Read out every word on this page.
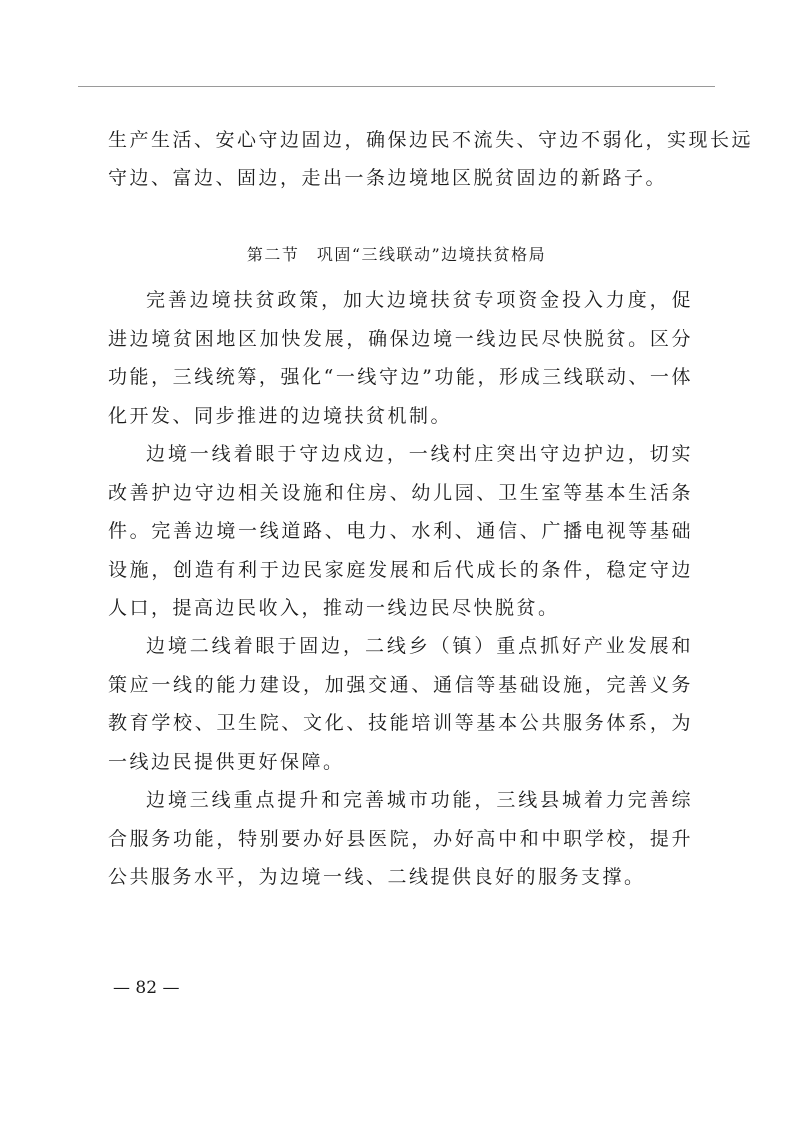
生产生活、安心守边固边，确保边民不流失、守边不弱化，实现长远
守边、富边、固边，走出一条边境地区脱贫固边的新路子。
第二节　巩固“三线联动”边境扶贫格局
完善边境扶贫政策，加大边境扶贫专项资金投入力度，促进边境贫困地区加快发展，确保边境一线边民尽快脱贫。区分功能，三线统筹，强化“一线守边”功能，形成三线联动、一体化开发、同步推进的边境扶贫机制。
边境一线着眼于守边戍边，一线村庄突出守边护边，切实改善护边守边相关设施和住房、幼儿园、卫生室等基本生活条件。完善边境一线道路、电力、水利、通信、广播电视等基础设施，创造有利于边民家庭发展和后代成长的条件，稳定守边人口，提高边民收入，推动一线边民尽快脱贫。
边境二线着眼于固边，二线乡（镇）重点抓好产业发展和策应一线的能力建设，加强交通、通信等基础设施，完善义务教育学校、卫生院、文化、技能培训等基本公共服务体系，为一线边民提供更好保障。
边境三线重点提升和完善城市功能，三线县城着力完善综合服务功能，特别要办好县医院，办好高中和中职学校，提升公共服务水平，为边境一线、二线提供良好的服务支撑。
— 82 —
